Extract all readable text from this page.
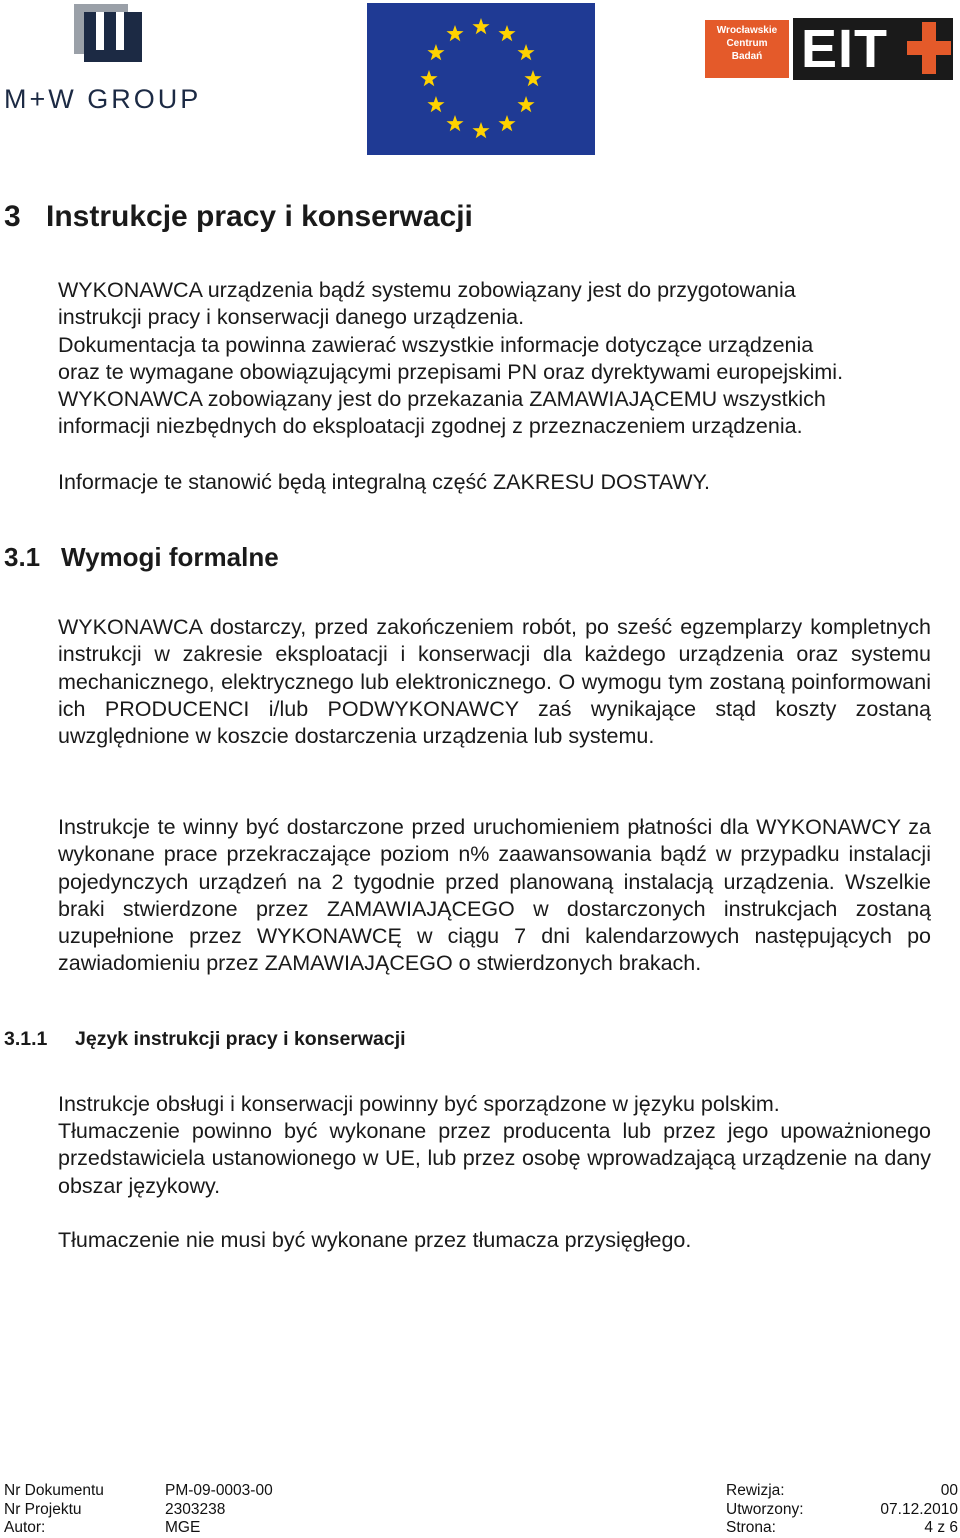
M+W GROUP
Wrocławskie
Centrum
Badań EIT
3 Instrukcje pracy i konserwacji

WYKONAWCA urządzenia bądź systemu zobowiązany jest do przygotowania

instrukcji pracy i konserwacji danego urządzenia.

Dokumentacja ta powinna zawierać wszystkie informacje dotyczące urządzenia

oraz te wymagane obowiązującymi przepisami PN oraz dyrektywami europejskimi.

WYKONAWCA zobowiązany jest do przekazania ZAMAWIAJĄCEMU wszystkich

informacji niezbędnych do eksploatacji zgodnej z przeznaczeniem urządzenia.

Informacje te stanowić będą integralną część ZAKRESU DOSTAWY.

3.1 Wymogi formalne
WYKONAWCA dostarczy, przed zakończeniem robót, po sześć egzemplarzy kompletnych instrukcji w zakresie eksploatacji i konserwacji dla każdego urządzenia oraz systemu mechanicznego, elektrycznego lub elektronicznego. O wymogu tym zostaną poinformowani ich PRODUCENCI i/lub PODWYKONAWCY zaś wynikające stąd koszty zostaną uwzględnione w koszcie dostarczenia urządzenia lub systemu.
Instrukcje te winny być dostarczone przed uruchomieniem płatności dla WYKONAWCY za wykonane prace przekraczające poziom n% zaawansowania bądź w przypadku instalacji pojedynczych urządzeń na 2 tygodnie przed planowaną instalacją urządzenia. Wszelkie braki stwierdzone przez ZAMAWIAJĄCEGO w dostarczonych instrukcjach zostaną uzupełnione przez WYKONAWCĘ w ciągu 7 dni kalendarzowych następujących po zawiadomieniu przez ZAMAWIAJĄCEGO o stwierdzonych brakach.
3.1.1 Język instrukcji pracy i konserwacji
Instrukcje obsługi i konserwacji powinny być sporządzone w języku polskim.
Tłumaczenie powinno być wykonane przez producenta lub przez jego upoważnionego przedstawiciela ustanowionego w UE, lub przez osobę wprowadzającą urządzenie na dany obszar językowy.
Tłumaczenie nie musi być wykonane przez tłumacza przysięgłego.
Nr Dokumentu	PM-09-0003-00	Rewizja:	00
Nr Projektu	2303238	Utworzony:	07.12.2010
Autor:	MGE	Strona:	4 z 6
